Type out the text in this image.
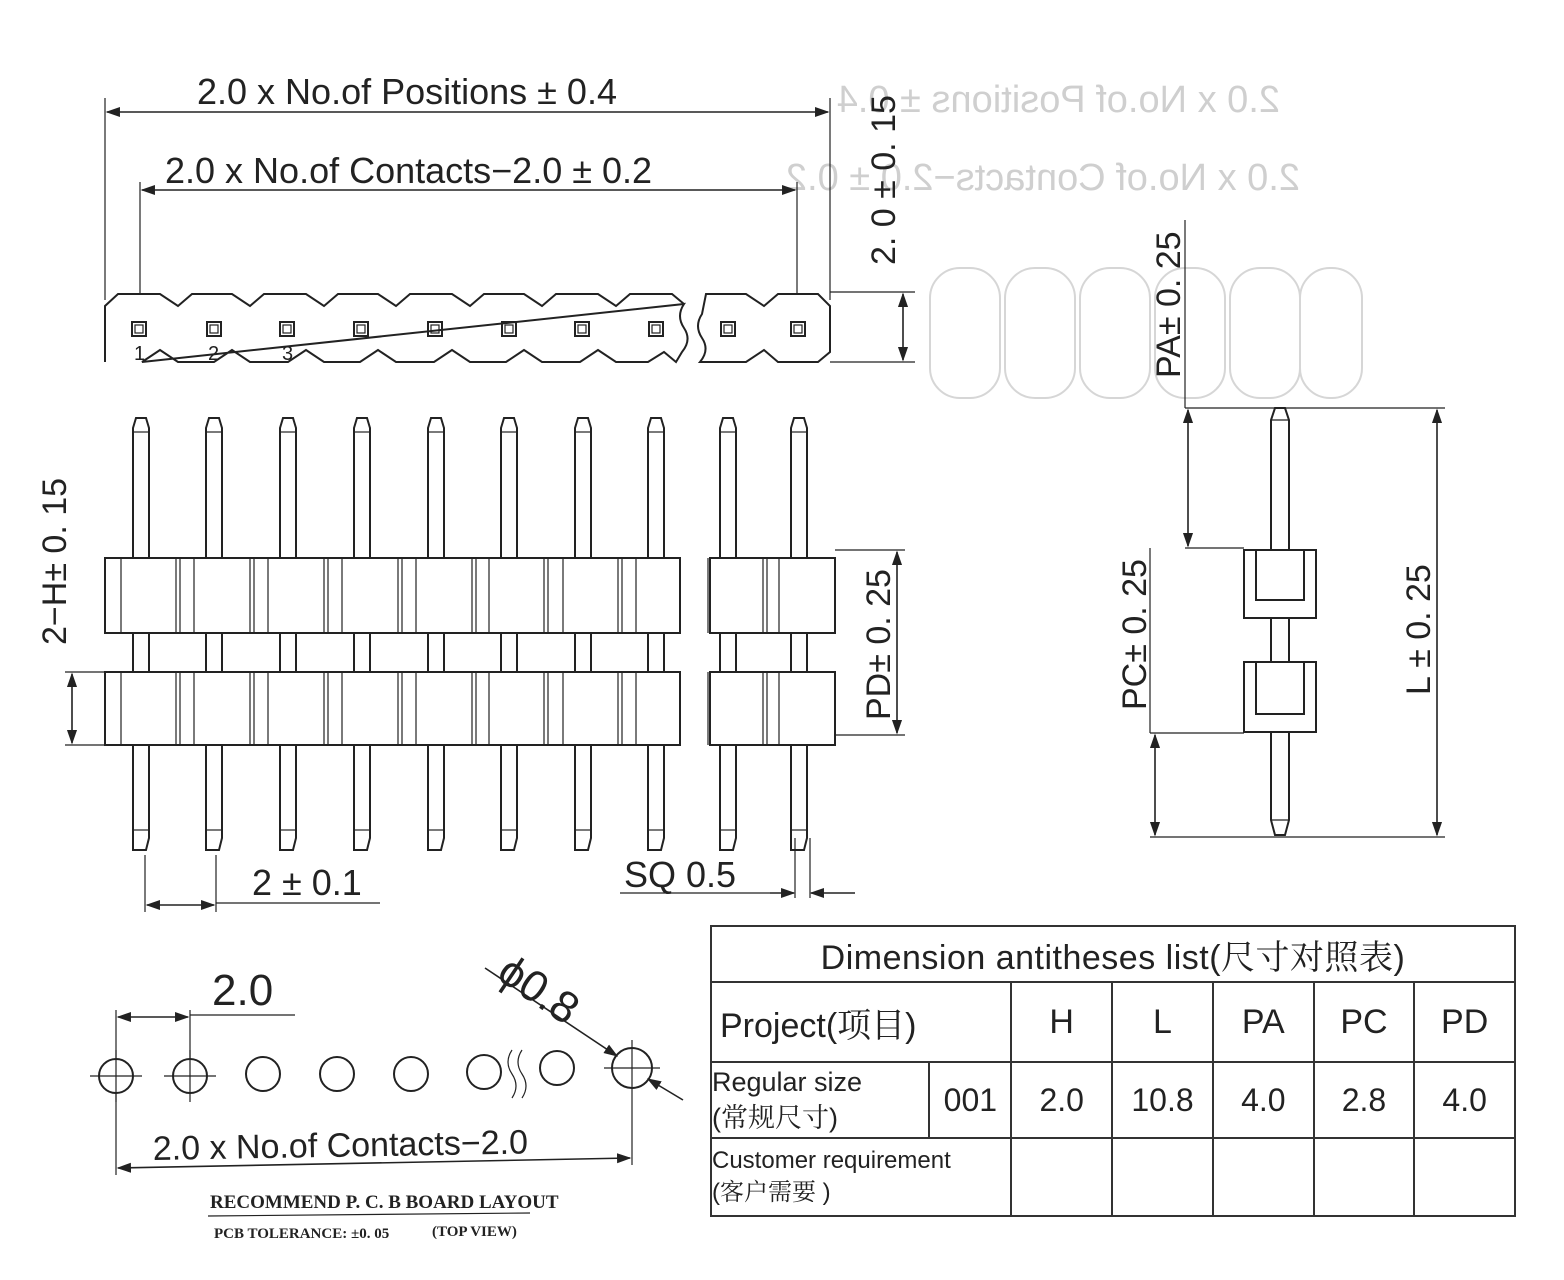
2.0 x No.of Positions ± 0.4
2.0 x No.of Contacts−2.0 ± 0.2
2.0 x No.of Positions ± 0.4
2.0 x No.of Contacts−2.0 ± 0.2	2. 0 ± 0. 15
1	2	3
2−H± 0. 15	PD± 0. 25
2 ± 0.1	SQ 0.5
PA± 0. 25
PC± 0. 25	L ± 0. 25
2.0	ϕ0.8
2.0 x No.of Contacts−2.0
RECOMMEND P. C. B BOARD LAYOUT
PCB TOLERANCE: ±0. 05	(TOP VIEW)
Dimension antitheses list(尺寸对照表)						
Project(项目)		H	L	PA	PC	PD
Regular size
(常规尺寸)	001	2.0	10.8	4.0	2.8	4.0
Customer requirement
(客户需要 )						
